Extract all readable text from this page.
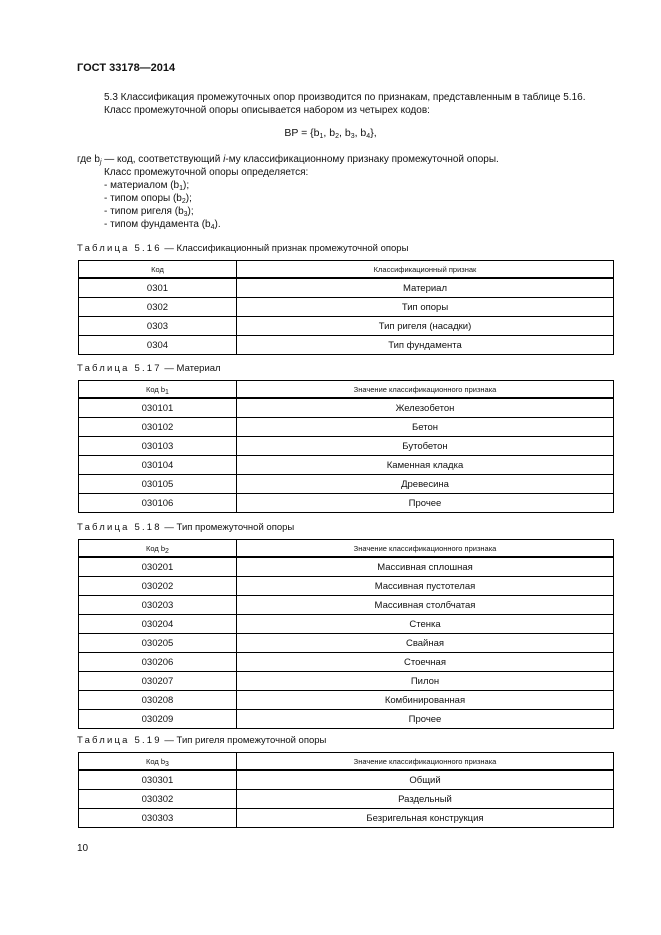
ГОСТ 33178—2014
5.3 Классификация промежуточных опор производится по признакам, представленным в таблице 5.16.
Класс промежуточной опоры описывается набором из четырех кодов:
BP = {$b_1$, $b_2$, $b_3$, $b_4$},
где $b_j$ — код, соответствующий i-му классификационному признаку промежуточной опоры.
Класс промежуточной опоры определяется:
- материалом $(b_1)$;
- типом опоры $(b_2)$;
- типом ригеля $(b_3)$;
- типом фундамента $(b_4)$.
Таблица 5.16 — Классификационный признак промежуточной опоры
Код	Классификационный признак
0301	Материал
0302	Тип опоры
0303	Тип ригеля (насадки)
0304	Тип фундамента
Таблица 5.17 — Материал
Код $b_1$	Значение классификационного признака
030101	Железобетон
030102	Бетон
030103	Бутобетон
030104	Каменная кладка
030105	Древесина
030106	Прочее
Таблица 5.18 — Тип промежуточной опоры
Код $b_2$	Значение классификационного признака
030201	Массивная сплошная
030202	Массивная пустотелая
030203	Массивная столбчатая
030204	Стенка
030205	Свайная
030206	Стоечная
030207	Пилон
030208	Комбинированная
030209	Прочее
Таблица 5.19 — Тип ригеля промежуточной опоры
Код $b_3$	Значение классификационного признака
030301	Общий
030302	Раздельный
030303	Безригельная конструкция
10
